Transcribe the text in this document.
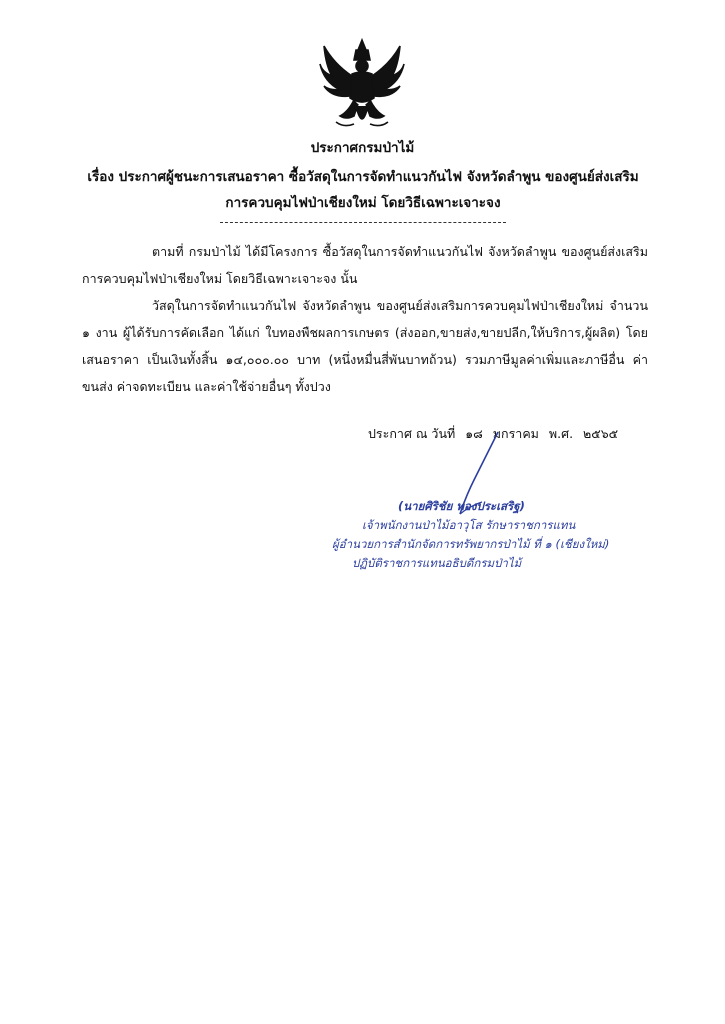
ประกาศกรมป่าไม้
เรื่อง ประกาศผู้ชนะการเสนอราคา ซื้อวัสดุในการจัดทำแนวกันไฟ จังหวัดลำพูน ของศูนย์ส่งเสริมการควบคุมไฟป่าเชียงใหม่ โดยวิธีเฉพาะเจาะจง

ตามที่ กรมป่าไม้ ได้มีโครงการ ซื้อวัสดุในการจัดทำแนวกันไฟ จังหวัดลำพูน ของศูนย์ส่งเสริมการควบคุมไฟป่าเชียงใหม่ โดยวิธีเฉพาะเจาะจง นั้น

วัสดุในการจัดทำแนวกันไฟ จังหวัดลำพูน ของศูนย์ส่งเสริมการควบคุมไฟป่าเชียงใหม่ จำนวน ๑ งาน ผู้ได้รับการคัดเลือก ได้แก่ ใบทองพืชผลการเกษตร (ส่งออก,ขายส่ง,ขายปลีก,ให้บริการ,ผู้ผลิต) โดยเสนอราคา เป็นเงินทั้งสิ้น ๑๔,๐๐๐.๐๐ บาท (หนึ่งหมื่นสี่พันบาทถ้วน) รวมภาษีมูลค่าเพิ่มและภาษีอื่น ค่าขนส่ง ค่าจดทะเบียน และค่าใช้จ่ายอื่นๆ ทั้งปวง

ประกาศ ณ วันที่ ๑๘ มกราคม พ.ศ. ๒๕๖๕
(นายศิริชัย ทองประเสริฐ)
เจ้าพนักงานป่าไม้อาวุโส รักษาราชการแทน
ผู้อำนวยการสำนักจัดการทรัพยากรป่าไม้ ที่ ๑ (เชียงใหม่)
ปฏิบัติราชการแทนอธิบดีกรมป่าไม้
